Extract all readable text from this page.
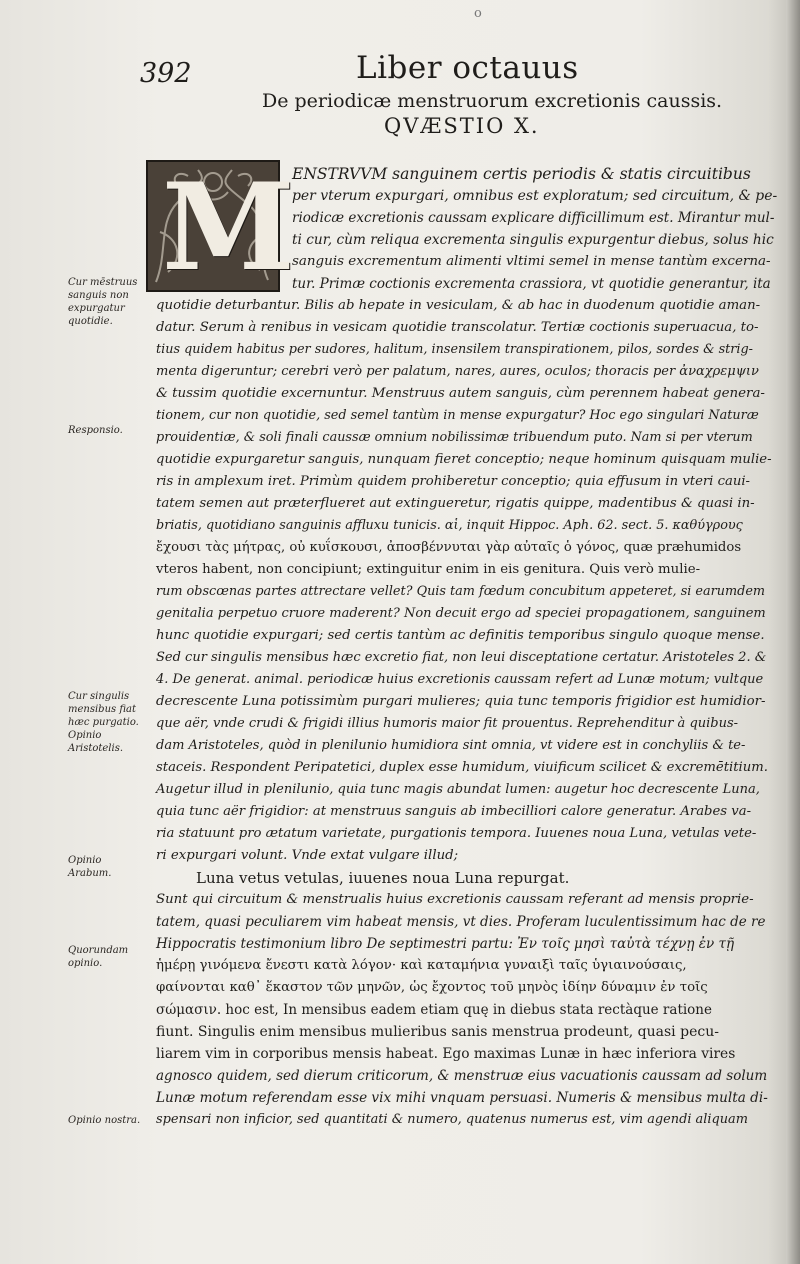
o
392	Liber octauus
De periodicæ menstruorum excretionis caussis.
QVÆSTIO X.
M
ENSTRVVM sanguinem certis periodis & statis circuitibus
per vterum expurgari, omnibus est exploratum; sed circuitum, & pe-
riodicæ excretionis caussam explicare difficillimum est. Mirantur mul-
ti cur, cùm reliqua excrementa singulis expurgentur diebus, solus hic
sanguis excrementum alimenti vltimi semel in mense tantùm excerna-
tur. Primæ coctionis excrementa crassiora, vt quotidie generantur, ita
quotidie deturbantur. Bilis ab hepate in vesiculam, & ab hac in duodenum quotidie aman-
datur. Serum à renibus in vesicam quotidie transcolatur. Tertiæ coctionis superuacua, to-
tius quidem habitus per sudores, halitum, insensilem transpirationem, pilos, sordes & strig-
menta digeruntur; cerebri verò per palatum, nares, aures, oculos; thoracis per ἀναχρεμψιν
& tussim quotidie excernuntur. Menstruus autem sanguis, cùm perennem habeat genera-
tionem, cur non quotidie, sed semel tantùm in mense expurgatur? Hoc ego singulari Naturæ
prouidentiæ, & soli finali caussæ omnium nobilissimæ tribuendum puto. Nam si per vterum
quotidie expurgaretur sanguis, nunquam fieret conceptio; neque hominum quisquam mulie-
ris in amplexum iret. Primùm quidem prohiberetur conceptio; quia effusum in vteri caui-
tatem semen aut præterflueret aut extingueretur, rigatis quippe, madentibus & quasi in-
briatis, quotidiano sanguinis affluxu tunicis. αἱ, inquit Hippoc. Aph. 62. sect. 5. καθύγρους
ἔχουσι τὰς μήτρας, οὐ κυΐσκουσι, ἀποσβέννυται γὰρ αὐταῖς ὁ γόνος, quæ præhumidos
vteros habent, non concipiunt; extinguitur enim in eis genitura. Quis verò mulie-
rum obscœnas partes attrectare vellet? Quis tam fœdum concubitum appeteret, si earumdem
genitalia perpetuo cruore maderent? Non decuit ergo ad speciei propagationem, sanguinem
hunc quotidie expurgari; sed certis tantùm ac definitis temporibus singulo quoque mense.
Sed cur singulis mensibus hæc excretio fiat, non leui disceptatione certatur. Aristoteles 2. &
4. De generat. animal. periodicæ huius excretionis caussam refert ad Lunæ motum; vultque
decrescente Luna potissimùm purgari mulieres; quia tunc temporis frigidior est humidior-
que aër, vnde crudi & frigidi illius humoris maior fit prouentus. Reprehenditur à quibus-
dam Aristoteles, quòd in plenilunio humidiora sint omnia, vt videre est in conchyliis & te-
staceis. Respondent Peripatetici, duplex esse humidum, viuificum scilicet & excremētitium.
Augetur illud in plenilunio, quia tunc magis abundat lumen: augetur hoc decrescente Luna,
quia tunc aër frigidior: at menstruus sanguis ab imbecilliori calore generatur. Arabes va-
ria statuunt pro ætatum varietate, purgationis tempora. Iuuenes noua Luna, vetulas vete-
ri expurgari volunt. Vnde extat vulgare illud;
Luna vetus vetulas, iuuenes noua Luna repurgat.
Sunt qui circuitum & menstrualis huius excretionis caussam referant ad mensis proprie-
tatem, quasi peculiarem vim habeat mensis, vt dies. Proferam luculentissimum hac de re
Hippocratis testimonium libro De septimestri partu: Ἐν τοῖς μησὶ ταὐτὰ τέχνῃ ἐν τῇ
ἡμέρῃ γινόμενα ἔνεστι κατὰ λόγον· καὶ καταμήνια γυναιξὶ ταῖς ὑγιαινούσαις,
φαίνονται καθ᾽ ἕκαστον τῶν μηνῶν, ὡς ἔχοντος τοῦ μηνὸς ἰδίην δύναμιν ἐν τοῖς
σώμασιν. hoc est, In mensibus eadem etiam quę in diebus stata rectàque ratione
fiunt. Singulis enim mensibus mulieribus sanis menstrua prodeunt, quasi pecu-
liarem vim in corporibus mensis habeat. Ego maximas Lunæ in hæc inferiora vires
agnosco quidem, sed dierum criticorum, & menstruæ eius vacuationis caussam ad solum
Lunæ motum referendam esse vix mihi vnquam persuasi. Numeris & mensibus multa di-
spensari non inficior, sed quantitati & numero, quatenus numerus est, vim agendi aliquam
Cur mēstruus sanguis non expurgatur quotidie.
Responsio.
Cur singulis mensibus fiat hæc purgatio. Opinio Aristotelis.
Opinio Arabum.
Quorundam opinio.
Opinio nostra.
